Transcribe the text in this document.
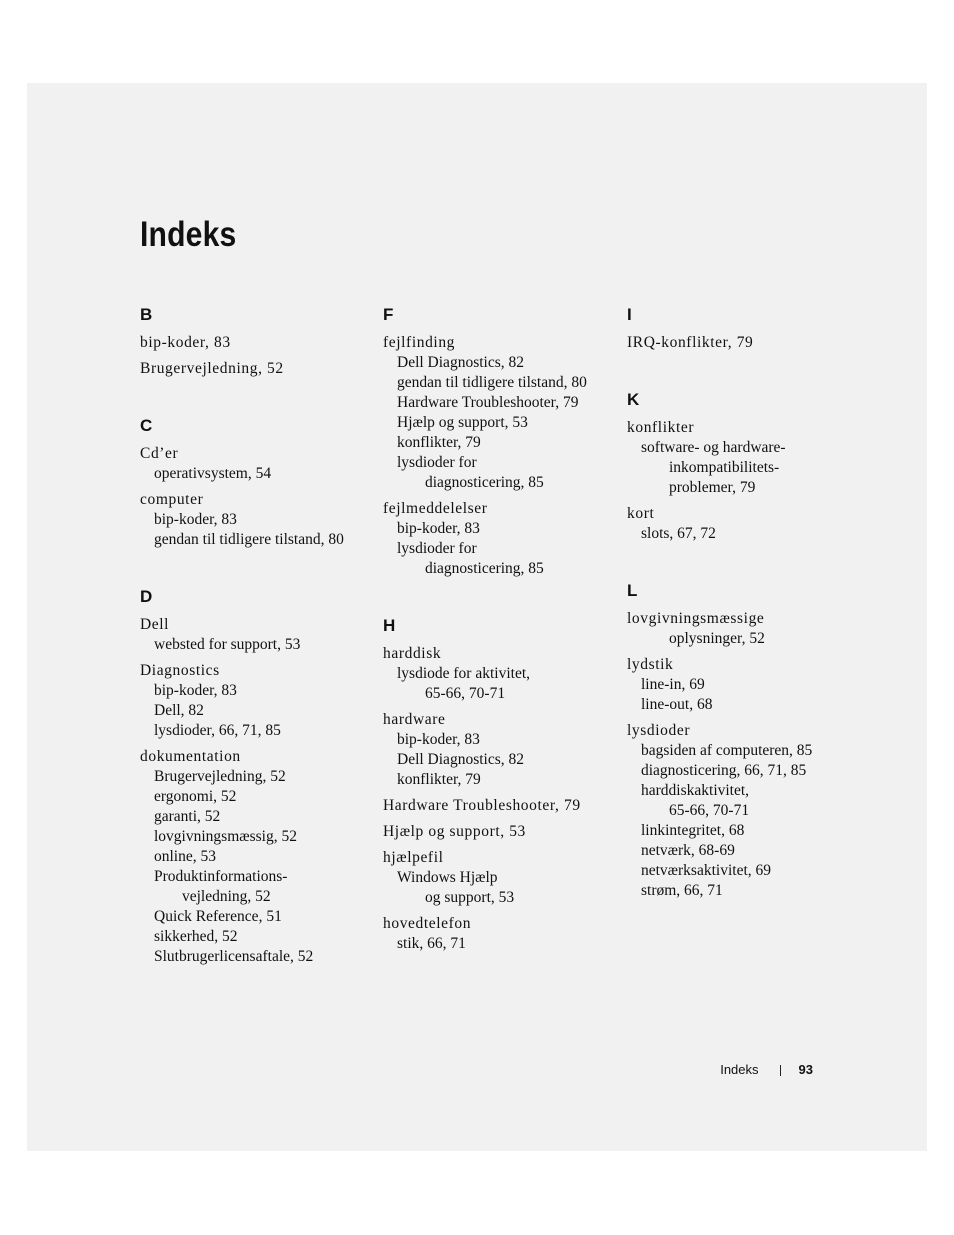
Indeks
B
bip-koder, 83
Brugervejledning, 52
C
Cd’er
operativsystem, 54
computer
bip-koder, 83
gendan til tidligere tilstand, 80
D
Dell
websted for support, 53
Diagnostics
bip-koder, 83
Dell, 82
lysdioder, 66, 71, 85
dokumentation
Brugervejledning, 52
ergonomi, 52
garanti, 52
lovgivningsmæssig, 52
online, 53
Produktinformations-
vejledning, 52
Quick Reference, 51
sikkerhed, 52
Slutbrugerlicensaftale, 52
F
fejlfinding
Dell Diagnostics, 82
gendan til tidligere tilstand, 80
Hardware Troubleshooter, 79
Hjælp og support, 53
konflikter, 79
lysdioder for
diagnosticering, 85
fejlmeddelelser
bip-koder, 83
lysdioder for
diagnosticering, 85
H
harddisk
lysdiode for aktivitet,
65-66, 70-71
hardware
bip-koder, 83
Dell Diagnostics, 82
konflikter, 79
Hardware Troubleshooter, 79
Hjælp og support, 53
hjælpefil
Windows Hjælp
og support, 53
hovedtelefon
stik, 66, 71
I
IRQ-konflikter, 79
K
konflikter
software- og hardware-
inkompatibilitets-
problemer, 79
kort
slots, 67, 72
L
lovgivningsmæssige
oplysninger, 52
lydstik
line-in, 69
line-out, 68
lysdioder
bagsiden af computeren, 85
diagnosticering, 66, 71, 85
harddiskaktivitet,
65-66, 70-71
linkintegritet, 68
netværk, 68-69
netværksaktivitet, 69
strøm, 66, 71
Indeks	93
